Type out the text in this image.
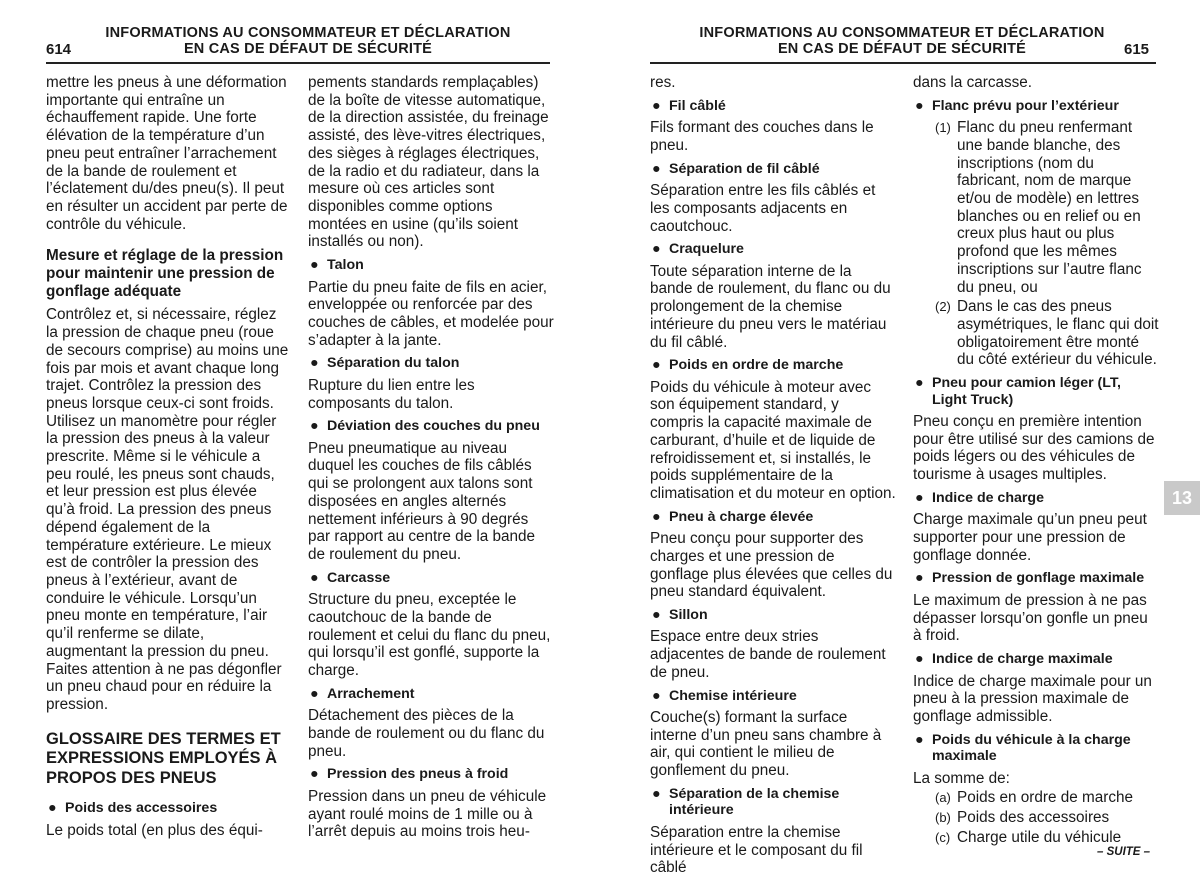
614
INFORMATIONS AU CONSOMMATEUR ET DÉCLARATION
EN CAS DE DÉFAUT DE SÉCURITÉ
INFORMATIONS AU CONSOMMATEUR ET DÉCLARATION
EN CAS DE DÉFAUT DE SÉCURITÉ	615

mettre les pneus à une déformation importante qui entraîne un échauffement rapide. Une forte élévation de la température d’un pneu peut entraîner l’arrachement de la bande de roulement et l’éclatement du/des pneu(s). Il peut en résulter un accident par perte de contrôle du véhicule.

Mesure et réglage de la pression pour maintenir une pression de gonflage adéquate

Contrôlez et, si nécessaire, réglez la pression de chaque pneu (roue de secours comprise) au moins une fois par mois et avant chaque long trajet. Contrôlez la pression des pneus lorsque ceux-ci sont froids. Utilisez un manomètre pour régler la pression des pneus à la valeur prescrite. Même si le véhicule a peu roulé, les pneus sont chauds, et leur pression est plus élevée qu’à froid. La pression des pneus dépend également de la température extérieure. Le mieux est de contrôler la pression des pneus à l’extérieur, avant de conduire le véhicule. Lorsqu’un pneu monte en température, l’air qu’il renferme se dilate, augmentant la pression du pneu. Faites attention à ne pas dégonfler un pneu chaud pour en réduire la pression.

GLOSSAIRE DES TERMES ET EXPRESSIONS EMPLOYÉS À PROPOS DES PNEUS
● Poids des accessoires

Le poids total (en plus des équi-

pements standards remplaçables) de la boîte de vitesse automatique, de la direction assistée, du freinage assisté, des lève-vitres électriques, des sièges à réglages électriques, de la radio et du radiateur, dans la mesure où ces articles sont disponibles comme options montées en usine (qu’ils soient installés ou non).

● Talon

Partie du pneu faite de fils en acier, enveloppée ou renforcée par des couches de câbles, et modelée pour s’adapter à la jante.

● Séparation du talon

Rupture du lien entre les composants du talon.

● Déviation des couches du pneu

Pneu pneumatique au niveau duquel les couches de fils câblés qui se prolongent aux talons sont disposées en angles alternés nettement inférieurs à 90 degrés par rapport au centre de la bande de roulement du pneu.

● Carcasse

Structure du pneu, exceptée le caoutchouc de la bande de roulement et celui du flanc du pneu, qui lorsqu’il est gonflé, supporte la charge.

● Arrachement

Détachement des pièces de la bande de roulement ou du flanc du pneu.

● Pression des pneus à froid

Pression dans un pneu de véhicule ayant roulé moins de 1 mille ou à l’arrêt depuis au moins trois heu-

res.

● Fil câblé

Fils formant des couches dans le pneu.

● Séparation de fil câblé

Séparation entre les fils câblés et les composants adjacents en caoutchouc.

● Craquelure

Toute séparation interne de la bande de roulement, du flanc ou du prolongement de la chemise intérieure du pneu vers le matériau du fil câblé.

● Poids en ordre de marche

Poids du véhicule à moteur avec son équipement standard, y compris la capacité maximale de carburant, d’huile et de liquide de refroidissement et, si installés, le poids supplémentaire de la climatisation et du moteur en option.

● Pneu à charge élevée

Pneu conçu pour supporter des charges et une pression de gonflage plus élevées que celles du pneu standard équivalent.

● Sillon

Espace entre deux stries adjacentes de bande de roulement de pneu.

● Chemise intérieure

Couche(s) formant la surface interne d’un pneu sans chambre à air, qui contient le milieu de gonflement du pneu.

● Séparation de la chemise intérieure

Séparation entre la chemise intérieure et le composant du fil câblé

dans la carcasse.

● Flanc prévu pour l’extérieur

(1) Flanc du pneu renfermant une bande blanche, des inscriptions (nom du fabricant, nom de marque et/ou de modèle) en lettres blanches ou en relief ou en creux plus haut ou plus profond que les mêmes inscriptions sur l’autre flanc du pneu, ou

(2) Dans le cas des pneus asymétriques, le flanc qui doit obligatoirement être monté du côté extérieur du véhicule.

● Pneu pour camion léger (LT, Light Truck)

Pneu conçu en première intention pour être utilisé sur des camions de poids légers ou des véhicules de tourisme à usages multiples.

● Indice de charge

Charge maximale qu’un pneu peut supporter pour une pression de gonflage donnée.

● Pression de gonflage maximale

Le maximum de pression à ne pas dépasser lorsqu’on gonfle un pneu à froid.

● Indice de charge maximale

Indice de charge maximale pour un pneu à la pression maximale de gonflage admissible.

● Poids du véhicule à la charge maximale

La somme de:

(a) Poids en ordre de marche

(b) Poids des accessoires

(c) Charge utile du véhicule

13
– SUITE –
